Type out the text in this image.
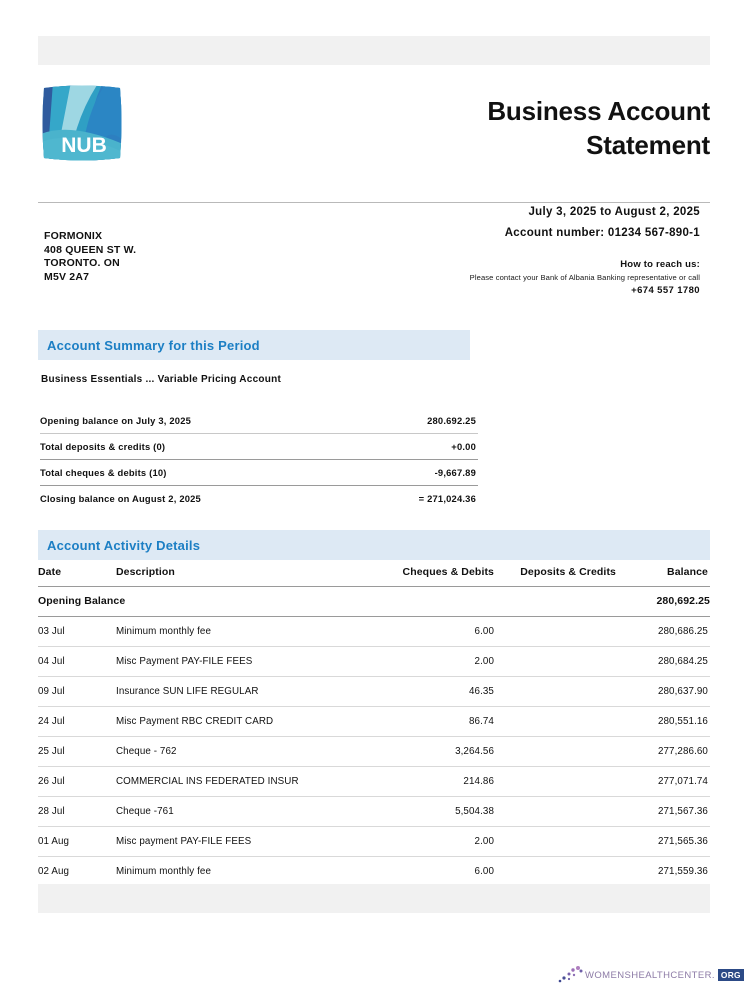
NUB
Business Account
Statement
FORMONIX
408 QUEEN ST W.
TORONTO. ON
M5V 2A7
July 3, 2025 to August 2, 2025
Account number: 01234 567-890-1
How to reach us:
Please contact your Bank of Albania Banking representative or call
+674 557 1780
Account Summary for this Period
Business Essentials ... Variable Pricing Account
Opening balance on July 3, 2025	280.692.25
Total deposits & credits (0)	+0.00
Total cheques & debits (10)	-9,667.89
Closing balance on August 2, 2025	= 271,024.36
Account Activity Details
Date	Description	Cheques & Debits	Deposits & Credits	Balance
Opening Balance				280,692.25
03 Jul	Minimum monthly fee	6.00		280,686.25
04 Jul	Misc Payment PAY-FILE FEES	2.00		280,684.25
09 Jul	Insurance SUN LIFE REGULAR	46.35		280,637.90
24 Jul	Misc Payment RBC CREDIT CARD	86.74		280,551.16
25 Jul	Cheque - 762	3,264.56		277,286.60
26 Jul	COMMERCIAL INS FEDERATED INSUR	214.86		277,071.74
28 Jul	Cheque -761	5,504.38		271,567.36
01 Aug	Misc payment PAY-FILE FEES	2.00		271,565.36
02 Aug	Minimum monthly fee	6.00		271,559.36
WOMENSHEALTHCENTER. ORG
